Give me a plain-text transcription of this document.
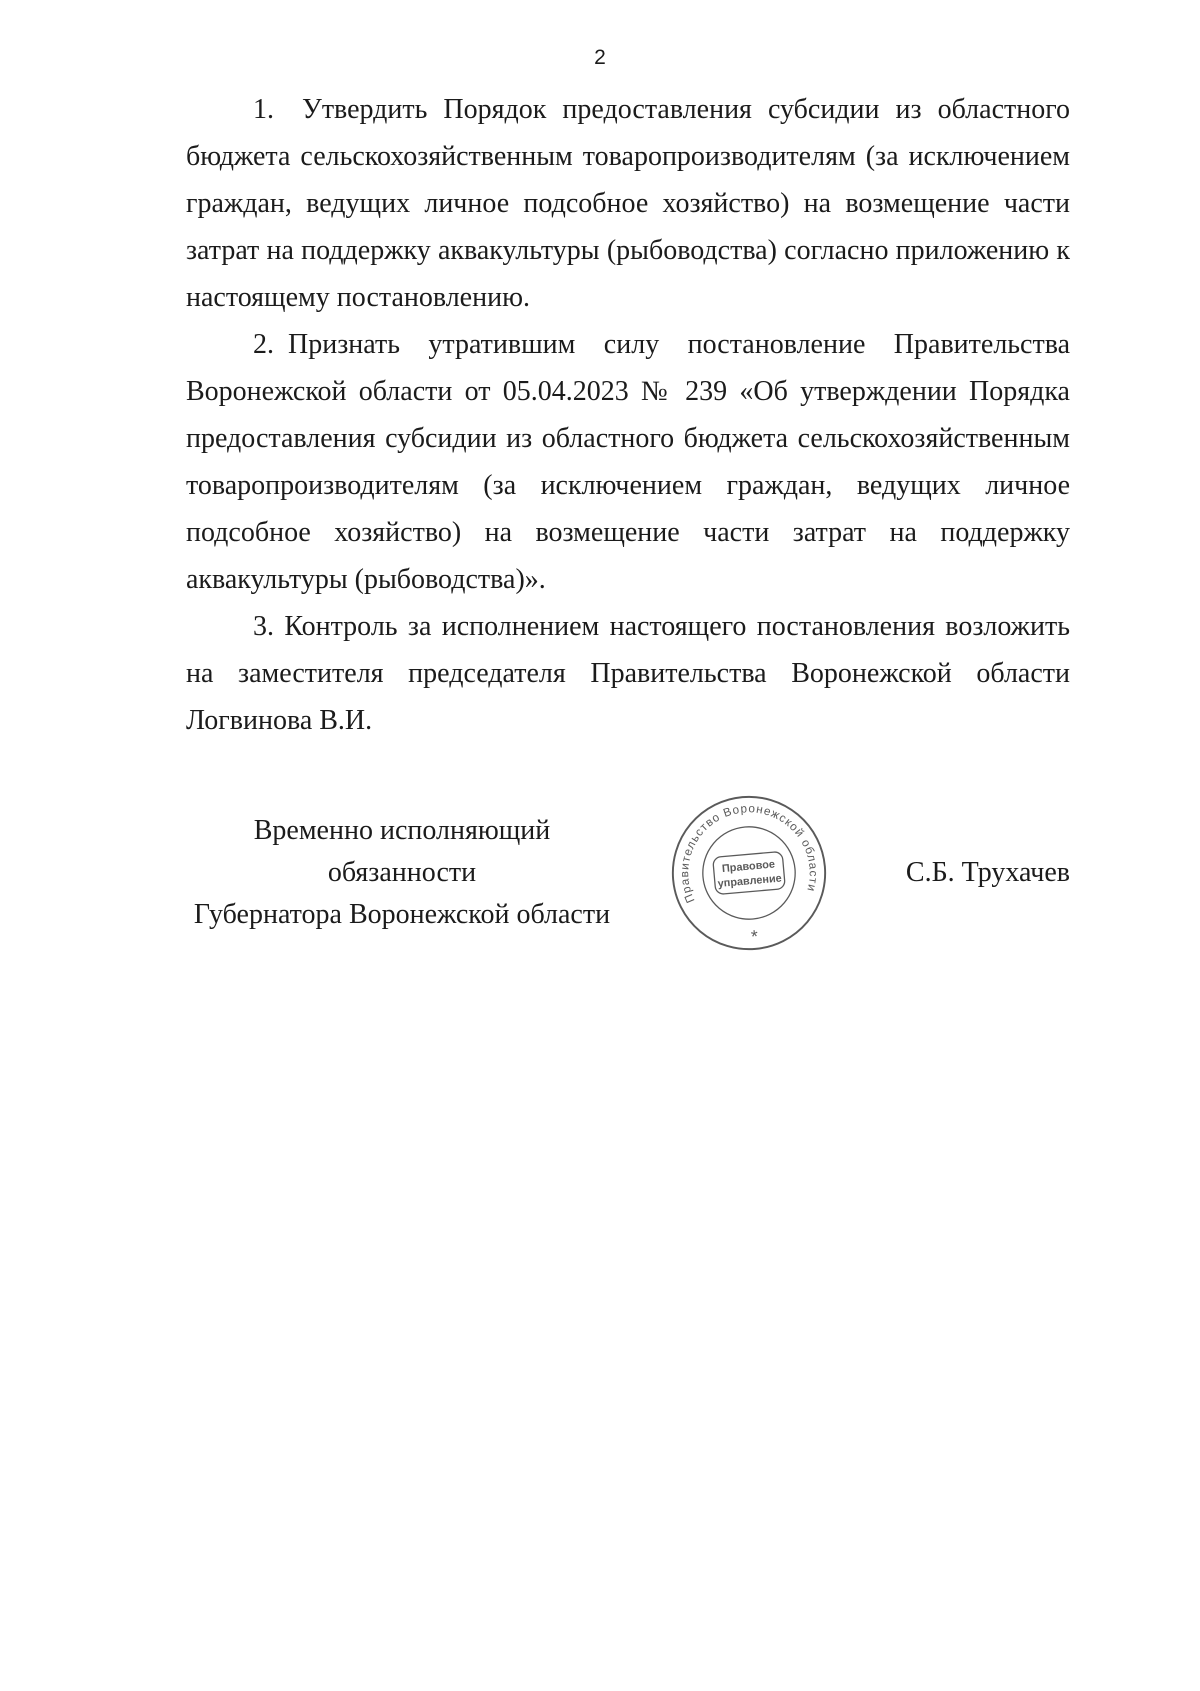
2

1.  Утвердить Порядок предоставления субсидии из областного бюджета сельскохозяйственным товаропроизводителям (за исключением граждан, ведущих личное подсобное хозяйство) на возмещение части затрат на поддержку аквакультуры (рыбоводства) согласно приложению к настоящему постановлению.

2. Признать утратившим силу постановление Правительства Воронежской области от 05.04.2023 № 239 «Об утверждении Порядка предоставления субсидии из областного бюджета сельскохозяйственным товаропроизводителям (за исключением граждан, ведущих личное подсобное хозяйство) на возмещение части затрат на поддержку аквакультуры (рыбоводства)».

3. Контроль за исполнением настоящего постановления возложить на заместителя председателя Правительства Воронежской области Логвинова В.И.

Временно исполняющий обязанности
Губернатора Воронежской области
Правительство Воронежской области
Правовое
управление
*
С.Б. Трухачев
